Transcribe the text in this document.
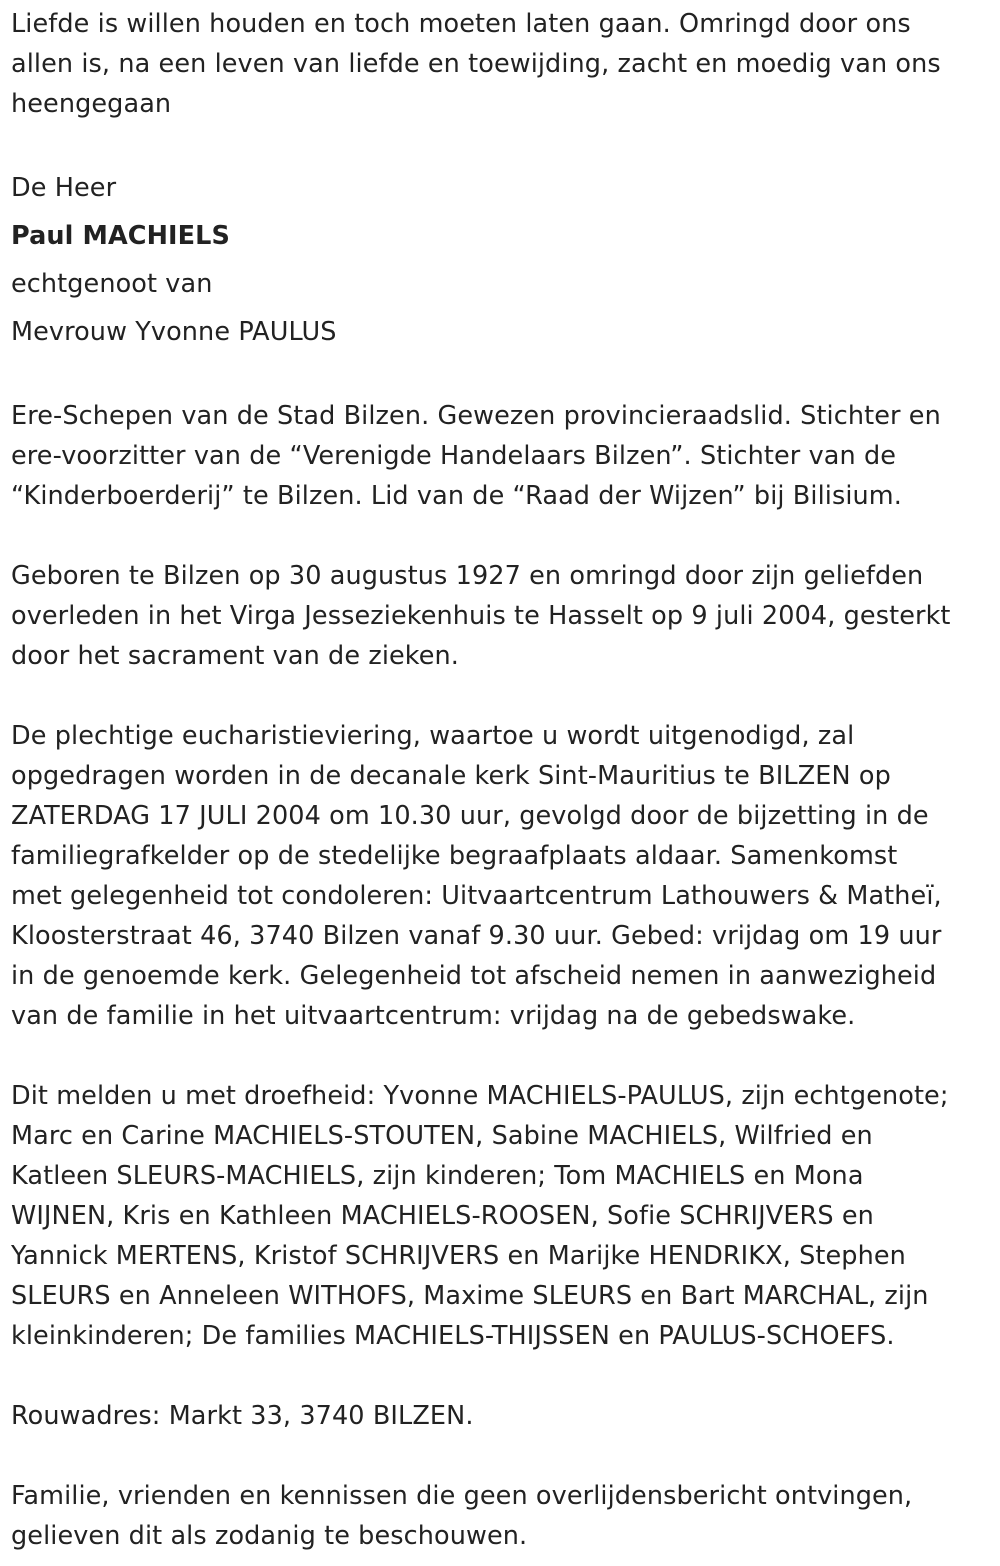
Liefde is willen houden en toch moeten laten gaan. Omringd door ons
allen is, na een leven van liefde en toewijding, zacht en moedig van ons
heengegaan

De Heer

Paul MACHIELS

echtgenoot van

Mevrouw Yvonne PAULUS

Ere-Schepen van de Stad Bilzen. Gewezen provincieraadslid. Stichter en
ere-voorzitter van de “Verenigde Handelaars Bilzen”. Stichter van de
“Kinderboerderij” te Bilzen. Lid van de “Raad der Wijzen” bij Bilisium.

Geboren te Bilzen op 30 augustus 1927 en omringd door zijn geliefden
overleden in het Virga Jesseziekenhuis te Hasselt op 9 juli 2004, gesterkt
door het sacrament van de zieken.

De plechtige eucharistieviering, waartoe u wordt uitgenodigd, zal
opgedragen worden in de decanale kerk Sint-Mauritius te BILZEN op
ZATERDAG 17 JULI 2004 om 10.30 uur, gevolgd door de bijzetting in de
familiegrafkelder op de stedelijke begraafplaats aldaar. Samenkomst
met gelegenheid tot condoleren: Uitvaartcentrum Lathouwers & Matheï,
Kloosterstraat 46, 3740 Bilzen vanaf 9.30 uur. Gebed: vrijdag om 19 uur
in de genoemde kerk. Gelegenheid tot afscheid nemen in aanwezigheid
van de familie in het uitvaartcentrum: vrijdag na de gebedswake.

Dit melden u met droefheid: Yvonne MACHIELS-PAULUS, zijn echtgenote;
Marc en Carine MACHIELS-STOUTEN, Sabine MACHIELS, Wilfried en
Katleen SLEURS-MACHIELS, zijn kinderen; Tom MACHIELS en Mona
WIJNEN, Kris en Kathleen MACHIELS-ROOSEN, Sofie SCHRIJVERS en
Yannick MERTENS, Kristof SCHRIJVERS en Marijke HENDRIKX, Stephen
SLEURS en Anneleen WITHOFS, Maxime SLEURS en Bart MARCHAL, zijn
kleinkinderen; De families MACHIELS-THIJSSEN en PAULUS-SCHOEFS.

Rouwadres: Markt 33, 3740 BILZEN.

Familie, vrienden en kennissen die geen overlijdensbericht ontvingen,
gelieven dit als zodanig te beschouwen.
